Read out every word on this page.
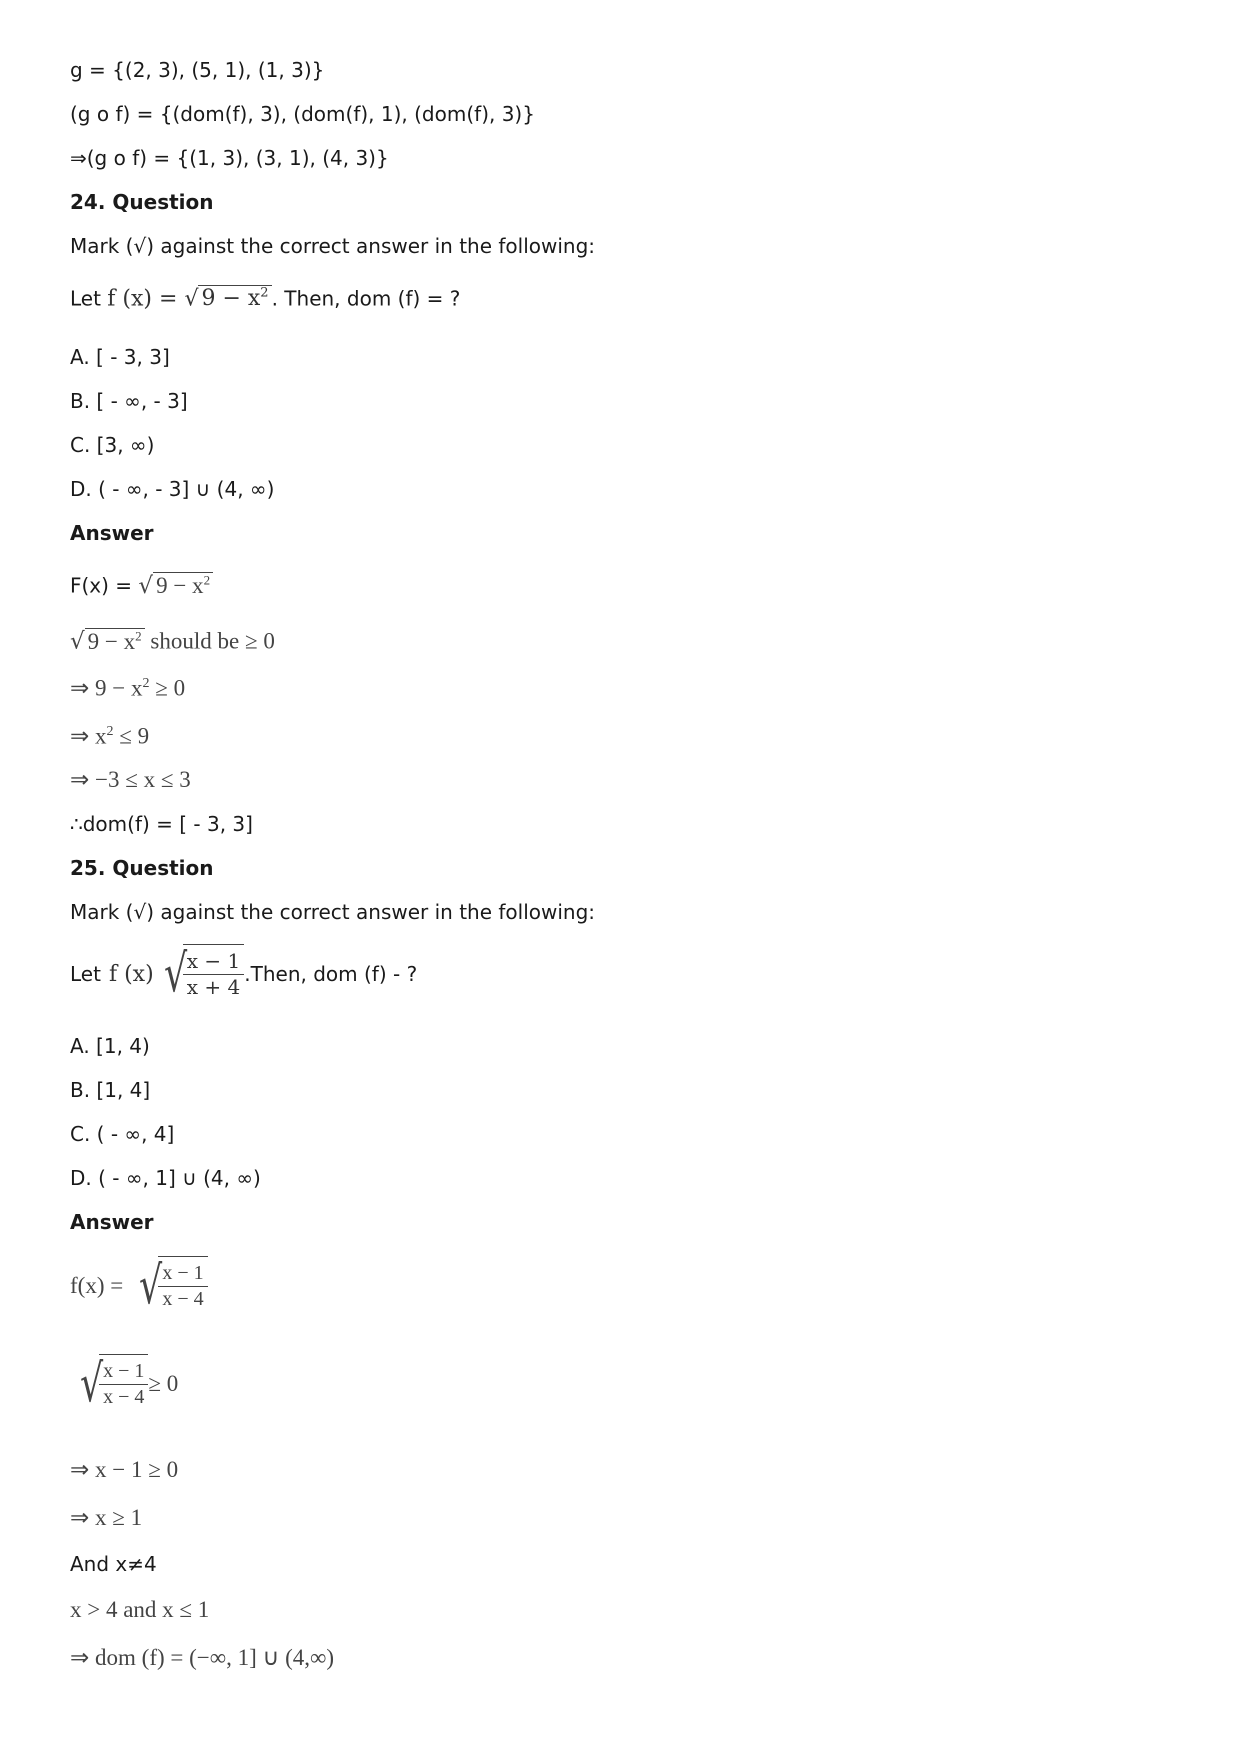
g = {(2, 3), (5, 1), (1, 3)}
(g o f) = {(dom(f), 3), (dom(f), 1), (dom(f), 3)}
⇒(g o f) = {(1, 3), (3, 1), (4, 3)}
24. Question
Mark (√) against the correct answer in the following:
Let f (x) = √ $9 - x^2$ . Then, dom (f) = ?
A. [ - 3, 3]
B. [ - ∞, - 3]
C. [3, ∞)
D. ( - ∞, - 3] ∪ (4, ∞)
Answer
F(x) = √ $9 - x^2$
√ $9 - x^2$ should be ≥ 0
⇒ $9 - x^2 \ge 0$
⇒ $x^2 \le 9$
⇒ −3 ≤ x ≤ 3
∴dom(f) = [ - 3, 3]
25. Question
Mark (√) against the correct answer in the following:
Let f (x) √
$\frac{x - 1}{x + 4}$ . Then, dom (f) - ?
A. [1, 4)
B. [1, 4]
C. ( - ∞, 4]
D. ( - ∞, 1] ∪ (4, ∞)
Answer
f(x) = √
$\frac{x - 1}{x - 4}$
√
$\frac{x - 1}{x - 4} \ge 0$
⇒ x − 1 ≥ 0
⇒ x ≥ 1
And x≠4
x > 4 and x ≤ 1
⇒ dom (f) = (−∞, 1] ∪ (4,∞)
